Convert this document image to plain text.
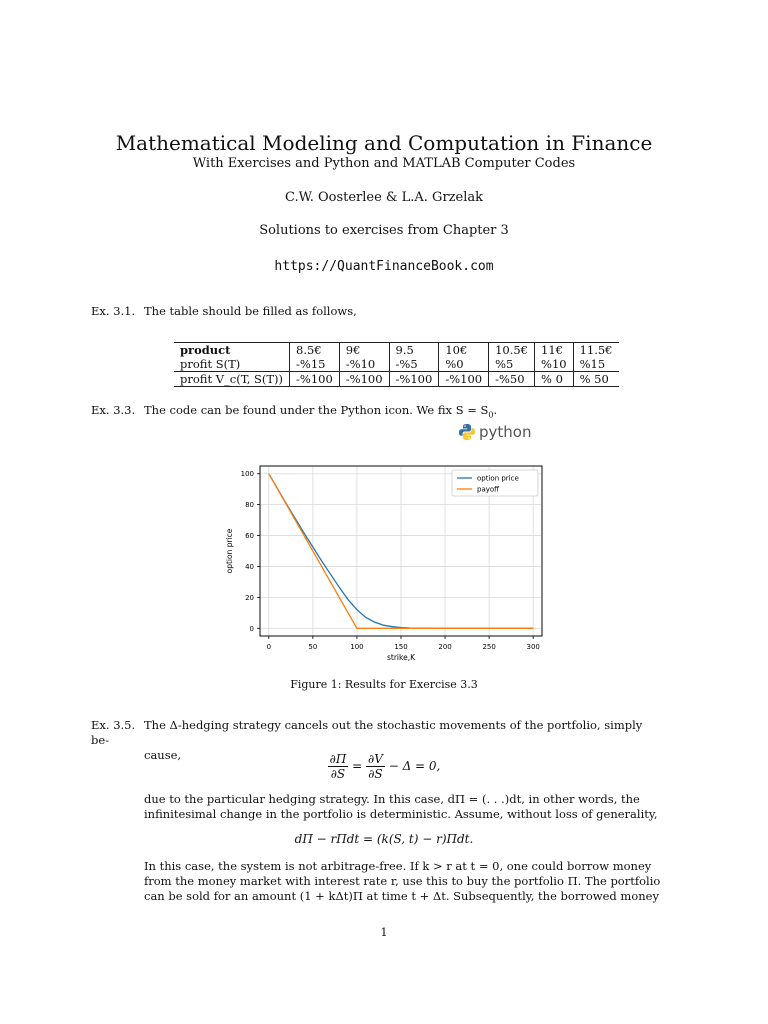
Mathematical Modeling and Computation in Finance
With Exercises and Python and MATLAB Computer Codes
C.W. Oosterlee & L.A. Grzelak
Solutions to exercises from Chapter 3
https://QuantFinanceBook.com
Ex. 3.1. The table should be filled as follows,
product	8.5€	9€	9.5	10€	10.5€	11€	11.5€
profit S(T)	-%15	-%10	-%5	%0	%5	%10	%15
profit V_c(T, S(T))	-%100	-%100	-%100	-%100	-%50	% 0	% 50
Ex. 3.3. The code can be found under the Python icon. We fix $S = S_0$.
python
0	50	100	150	200	250	300
0
20
40
60
80
100
strike,K
option price
option price
payoff
Figure 1: Results for Exercise 3.3
Ex. 3.5. The Δ-hedging strategy cancels out the stochastic movements of the portfolio, simply be-
cause,	$\frac{\partial\Pi}{\partial S} = \frac{\partial V}{\partial S} - \Delta = 0$,
due to the particular hedging strategy. In this case, dΠ = (. . .)dt, in other words, the
infinitesimal change in the portfolio is deterministic. Assume, without loss of generality,
dΠ − rΠdt = (k(S, t) − r)Πdt.
In this case, the system is not arbitrage-free. If k > r at t = 0, one could borrow money
from the money market with interest rate r, use this to buy the portfolio Π. The portfolio
can be sold for an amount (1 + kΔt)Π at time t + Δt. Subsequently, the borrowed money
1
